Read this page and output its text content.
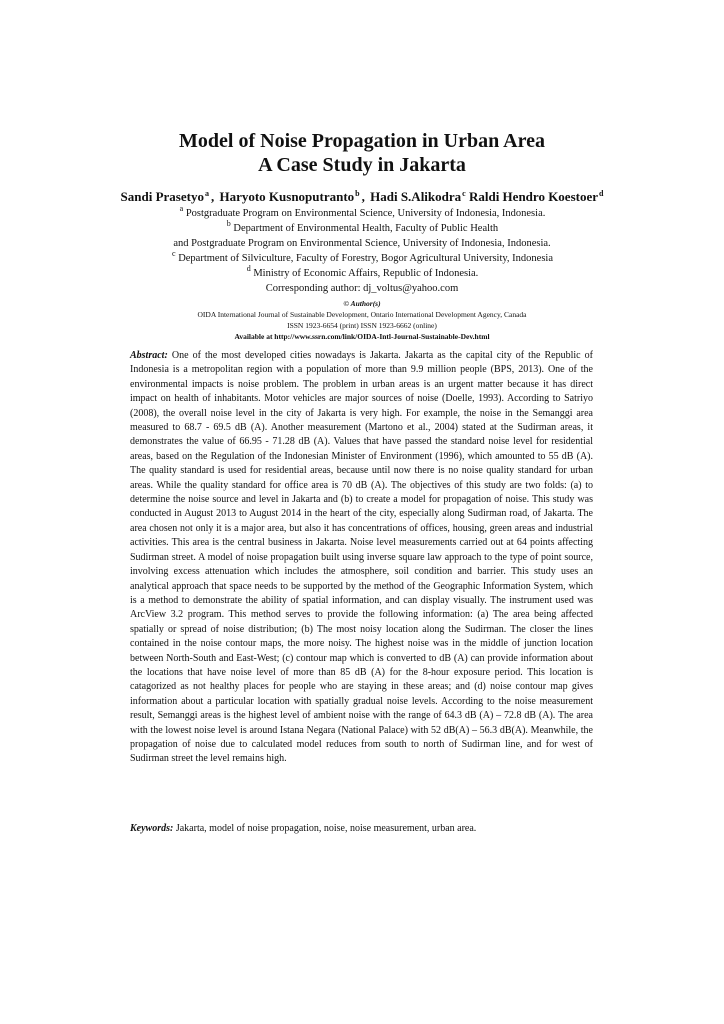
Model of Noise Propagation in Urban Area
A Case Study in Jakarta
Sandi Prasetyo$^a$ , Haryoto Kusnoputranto$^b$ , Hadi S.Alikodra$^c$ Raldi Hendro Koestoer$^d$
$^a$ Postgraduate Program on Environmental Science, University of Indonesia, Indonesia.
$^b$ Department of Environmental Health, Faculty of Public Health
and Postgraduate Program on Environmental Science, University of Indonesia, Indonesia.
$^c$ Department of Silviculture, Faculty of Forestry, Bogor Agricultural University, Indonesia
$^d$ Ministry of Economic Affairs, Republic of Indonesia.
Corresponding author: dj_voltus@yahoo.com
© Author(s)
OIDA International Journal of Sustainable Development, Ontario International Development Agency, Canada
ISSN 1923-6654 (print) ISSN 1923-6662 (online)
Available at http://www.ssrn.com/link/OIDA-Intl-Journal-Sustainable-Dev.html

Abstract: One of the most developed cities nowadays is Jakarta. Jakarta as the capital city of the Republic of Indonesia is a metropolitan region with a population of more than 9.9 million people (BPS, 2013). One of the environmental impacts is noise problem. The problem in urban areas is an urgent matter because it has direct impact on health of inhabitants. Motor vehicles are major sources of noise (Doelle, 1993). According to Satriyo (2008), the overall noise level in the city of Jakarta is very high. For example, the noise in the Semanggi area measured to 68.7 - 69.5 dB (A). Another measurement (Martono et al., 2004) stated at the Sudirman areas, it demonstrates the value of 66.95 - 71.28 dB (A). Values that have passed the standard noise level for residential areas, based on the Regulation of the Indonesian Minister of Environment (1996), which amounted to 55 dB (A). The quality standard is used for residential areas, because until now there is no noise quality standard for urban areas. While the quality standard for office area is 70 dB (A). The objectives of this study are two folds: (a) to determine the noise source and level in Jakarta and (b) to create a model for propagation of noise. This study was conducted in August 2013 to August 2014 in the heart of the city, especially along Sudirman road, of Jakarta. The area chosen not only it is a major area, but also it has concentrations of offices, housing, green areas and industrial activities. This area is the central business in Jakarta. Noise level measurements carried out at 64 points affecting Sudirman street. A model of noise propagation built using inverse square law approach to the type of point source, involving excess attenuation which includes the atmosphere, soil condition and barrier. This study uses an analytical approach that space needs to be supported by the method of the Geographic Information System, which is a method to demonstrate the ability of spatial information, and can display visually. The instrument used was ArcView 3.2 program. This method serves to provide the following information: (a) The area being affected spatially or spread of noise distribution; (b) The most noisy location along the Sudirman. The closer the lines contained in the noise contour maps, the more noisy. The highest noise was in the middle of junction location between North-South and East-West; (c) contour map which is converted to dB (A) can provide information about the locations that have noise level of more than 85 dB (A) for the 8-hour exposure period. This location is catagorized as not healthy places for people who are staying in these areas; and (d) noise contour map gives information about a particular location with spatially gradual noise levels. According to the noise measurement result, Semanggi areas is the highest level of ambient noise with the range of 64.3 dB (A) – 72.8 dB (A). The area with the lowest noise level is around Istana Negara (National Palace) with 52 dB(A) – 56.3 dB(A). Meanwhile, the propagation of noise due to calculated model reduces from south to north of Sudirman line, and for west of Sudirman street the level remains high.

Keywords: Jakarta, model of noise propagation, noise, noise measurement, urban area.
